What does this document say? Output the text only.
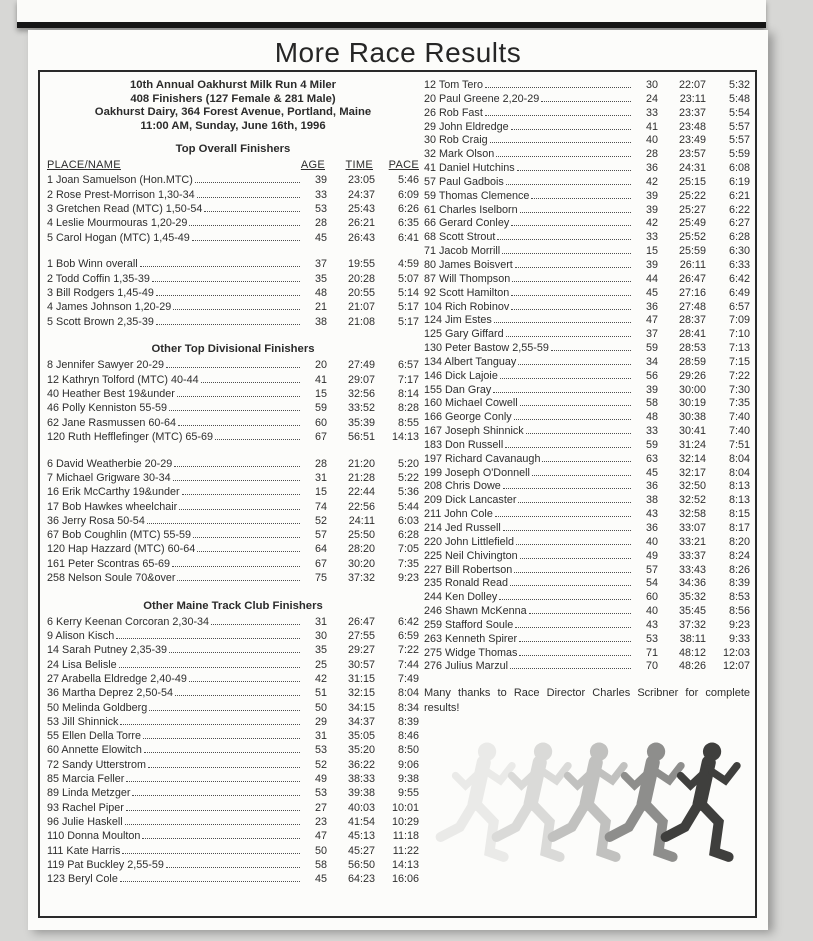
More Race Results
10th Annual Oakhurst Milk Run 4 Miler
408 Finishers (127 Female & 281 Male)
Oakhurst Dairy, 364 Forest Avenue, Portland, Maine
11:00 AM, Sunday, June 16th, 1996
Top Overall Finishers
PLACE/NAME	AGE	TIME	PACE
1 Joan Samuelson (Hon.MTC)	39	23:05	5:46
2 Rose Prest-Morrison 1,30-34	33	24:37	6:09
3 Gretchen Read (MTC) 1,50-54	53	25:43	6:26
4 Leslie Mourmouras 1,20-29	28	26:21	6:35
5 Carol Hogan (MTC) 1,45-49	45	26:43	6:41
1 Bob Winn overall	37	19:55	4:59
2 Todd Coffin 1,35-39	35	20:28	5:07
3 Bill Rodgers 1,45-49	48	20:55	5:14
4 James Johnson 1,20-29	21	21:07	5:17
5 Scott Brown 2,35-39	38	21:08	5:17
Other Top Divisional Finishers
8 Jennifer Sawyer 20-29	20	27:49	6:57
12 Kathryn Tolford (MTC) 40-44	41	29:07	7:17
40 Heather Best 19&under	15	32:56	8:14
46 Polly Kenniston 55-59	59	33:52	8:28
62 Jane Rasmussen 60-64	60	35:39	8:55
120 Ruth Hefflefinger (MTC) 65-69	67	56:51	14:13
6 David Weatherbie 20-29	28	21:20	5:20
7 Michael Grigware 30-34	31	21:28	5:22
16 Erik McCarthy 19&under	15	22:44	5:36
17 Bob Hawkes wheelchair	74	22:56	5:44
36 Jerry Rosa 50-54	52	24:11	6:03
67 Bob Coughlin (MTC) 55-59	57	25:50	6:28
120 Hap Hazzard (MTC) 60-64	64	28:20	7:05
161 Peter Scontras 65-69	67	30:20	7:35
258 Nelson Soule 70&over	75	37:32	9:23
Other Maine Track Club Finishers
6 Kerry Keenan Corcoran 2,30-34	31	26:47	6:42
9 Alison Kisch	30	27:55	6:59
14 Sarah Putney 2,35-39	35	29:27	7:22
24 Lisa Belisle	25	30:57	7:44
27 Arabella Eldredge 2,40-49	42	31:15	7:49
36 Martha Deprez 2,50-54	51	32:15	8:04
50 Melinda Goldberg	50	34:15	8:34
53 Jill Shinnick	29	34:37	8:39
55 Ellen Della Torre	31	35:05	8:46
60 Annette Elowitch	53	35:20	8:50
72 Sandy Utterstrom	52	36:22	9:06
85 Marcia Feller	49	38:33	9:38
89 Linda Metzger	53	39:38	9:55
93 Rachel Piper	27	40:03	10:01
96 Julie Haskell	23	41:54	10:29
110 Donna Moulton	47	45:13	11:18
111 Kate Harris	50	45:27	11:22
119 Pat Buckley 2,55-59	58	56:50	14:13
123 Beryl Cole	45	64:23	16:06
12 Tom Tero	30	22:07	5:32
20 Paul Greene 2,20-29	24	23:11	5:48
26 Rob Fast	33	23:37	5:54
29 John Eldredge	41	23:48	5:57
30 Rob Craig	40	23:49	5:57
32 Mark Olson	28	23:57	5:59
41 Daniel Hutchins	36	24:31	6:08
57 Paul Gadbois	42	25:15	6:19
59 Thomas Clemence	39	25:22	6:21
61 Charles Iselborn	39	25:27	6:22
66 Gerard Conley	42	25:49	6:27
68 Scott Strout	33	25:52	6:28
71 Jacob Morrill	15	25:59	6:30
80 James Boisvert	39	26:11	6:33
87 Will Thompson	44	26:47	6:42
92 Scott Hamilton	45	27:16	6:49
104 Rich Robinov	36	27:48	6:57
124 Jim Estes	47	28:37	7:09
125 Gary Giffard	37	28:41	7:10
130 Peter Bastow 2,55-59	59	28:53	7:13
134 Albert Tanguay	34	28:59	7:15
146 Dick Lajoie	56	29:26	7:22
155 Dan Gray	39	30:00	7:30
160 Michael Cowell	58	30:19	7:35
166 George Conly	48	30:38	7:40
167 Joseph Shinnick	33	30:41	7:40
183 Don Russell	59	31:24	7:51
197 Richard Cavanaugh	63	32:14	8:04
199 Joseph O'Donnell	45	32:17	8:04
208 Chris Dowe	36	32:50	8:13
209 Dick Lancaster	38	32:52	8:13
211 John Cole	43	32:58	8:15
214 Jed Russell	36	33:07	8:17
220 John Littlefield	40	33:21	8:20
225 Neil Chivington	49	33:37	8:24
227 Bill Robertson	57	33:43	8:26
235 Ronald Read	54	34:36	8:39
244 Ken Dolley	60	35:32	8:53
246 Shawn McKenna	40	35:45	8:56
259 Stafford Soule	43	37:32	9:23
263 Kenneth Spirer	53	38:11	9:33
275 Widge Thomas	71	48:12	12:03
276 Julius Marzul	70	48:26	12:07
Many thanks to Race Director Charles Scribner for complete results!
